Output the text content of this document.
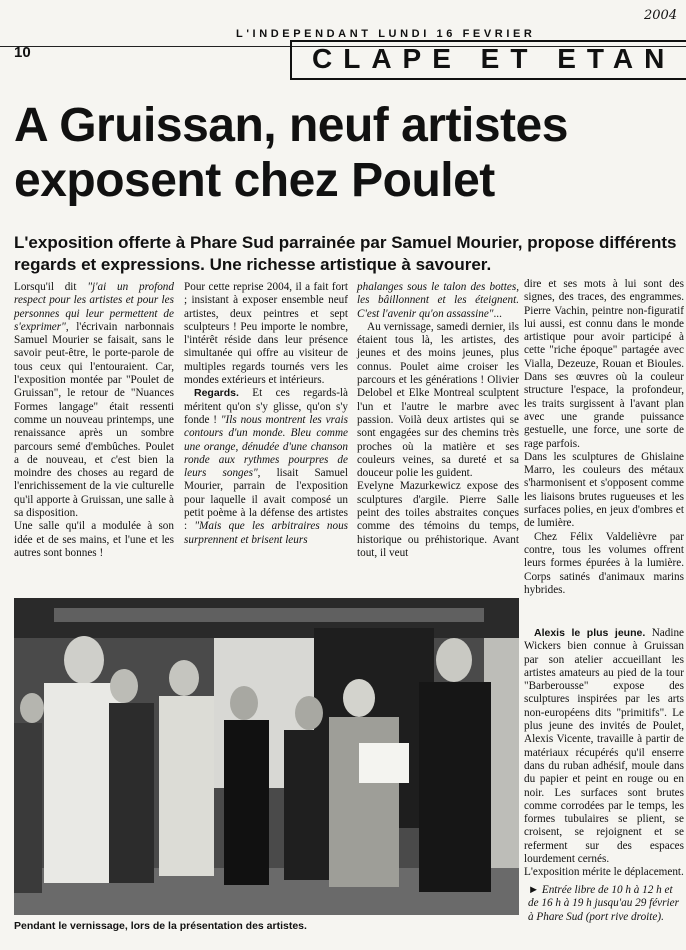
2004
L'INDEPENDANT LUNDI 16 FEVRIER
10	CLAPE ET ETAN
A Gruissan, neuf artistes
exposent chez Poulet
L'exposition offerte à Phare Sud parrainée par Samuel Mourier, propose différents regards et expressions. Une richesse artistique à savourer.

Lorsqu'il dit "j'ai un profond respect pour les artistes et pour les personnes qui leur permettent de s'exprimer", l'écrivain narbonnais Samuel Mourier se faisait, sans le savoir peut-être, le porte-parole de tous ceux qui l'entouraient. Car, l'exposition montée par "Poulet de Gruissan", le retour de "Nuances Formes langage" était ressenti comme un nouveau printemps, une renaissance après un sombre parcours semé d'embûches. Poulet a de nouveau, et c'est bien la moindre des choses au regard de l'enrichissement de la vie culturelle qu'il apporte à Gruissan, une salle à sa disposition.

Une salle qu'il a modulée à son idée et de ses mains, et l'une et les autres sont bonnes !

Pour cette reprise 2004, il a fait fort ; insistant à exposer ensemble neuf artistes, deux peintres et sept sculpteurs ! Peu importe le nombre, l'intérêt réside dans leur présence simultanée qui offre au visiteur de multiples regards tournés vers les mondes extérieurs et intérieurs.

Regards. Et ces regards-là méritent qu'on s'y glisse, qu'on s'y fonde ! "Ils nous montrent les vrais contours d'un monde. Bleu comme une orange, dénudée d'une chanson ronde aux rythmes pourpres de leurs songes", lisait Samuel Mourier, parrain de l'exposition pour laquelle il avait composé un petit poème à la défense des artistes : "Mais que les arbitraires nous surprennent et brisent leurs

phalanges sous le talon des bottes, les bâillonnent et les éteignent. C'est l'avenir qu'on assassine"...

Au vernissage, samedi dernier, ils étaient tous là, les artistes, des jeunes et des moins jeunes, plus connus. Poulet aime croiser les parcours et les générations ! Olivier Delobel et Elke Montreal sculptent l'un et l'autre le marbre avec passion. Voilà deux artistes qui se sont engagées sur des chemins très proches où la matière et ses couleurs veines, sa dureté et sa douceur polie les guident.

Evelyne Mazurkewicz expose des sculptures d'argile. Pierre Salle peint des toiles abstraites conçues comme des témoins du temps, historique ou préhistorique. Avant tout, il veut

dire et ses mots à lui sont des signes, des traces, des engrammes. Pierre Vachin, peintre non-figuratif lui aussi, est connu dans le monde artistique pour avoir participé à cette "riche époque" partagée avec Vialla, Dezeuze, Rouan et Bioules. Dans ses œuvres où la couleur structure l'espace, la profondeur, les traits surgissent à l'avant plan avec une grande puissance gestuelle, une force, une sorte de rage parfois.

Dans les sculptures de Ghislaine Marro, les couleurs des métaux s'harmonisent et s'opposent comme les liaisons brutes rugueuses et les surfaces polies, en jeux d'ombres et de lumière.

Chez Félix Valdelièvre par contre, tous les volumes offrent leurs formes épurées à la lumière. Corps satinés d'animaux marins hybrides.

Alexis le plus jeune. Nadine Wickers bien connue à Gruissan par son atelier accueillant les artistes amateurs au pied de la tour "Barberousse" expose des sculptures inspirées par les arts non-européens dits "primitifs". Le plus jeune des invités de Poulet, Alexis Vicente, travaille à partir de matériaux récupérés qu'il enserre dans du ruban adhésif, moule dans du papier et peint en rouge ou en noir. Les surfaces sont brutes comme corrodées par le temps, les formes tubulaires se plient, se croisent, se rejoignent et se referment sur des espaces lourdement cernés.

L'exposition mérite le déplacement.

► Entrée libre de 10 h à 12 h et de 16 h à 19 h jusqu'au 29 février à Phare Sud (port rive droite).
Pendant le vernissage, lors de la présentation des artistes.
